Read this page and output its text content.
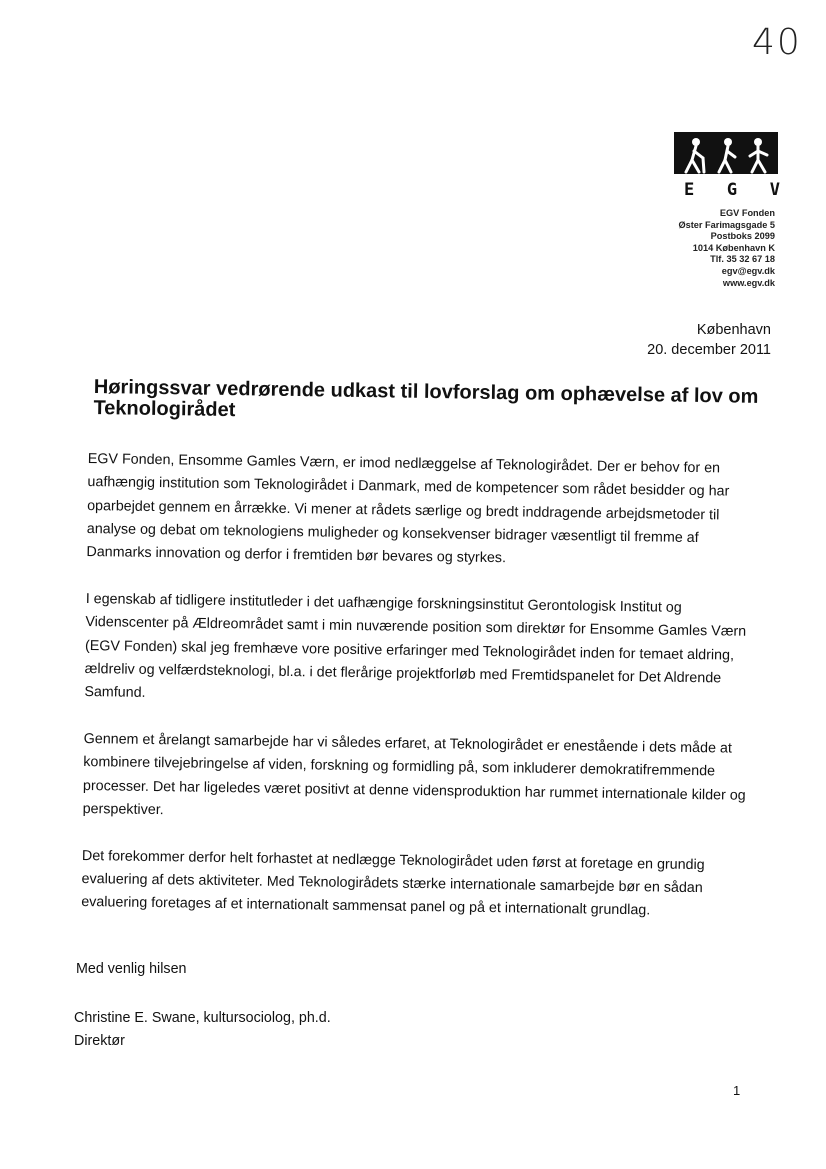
40
E G V
EGV Fonden
Øster Farimagsgade 5
Postboks 2099
1014 København K
Tlf. 35 32 67 18
egv@egv.dk
www.egv.dk
København
20. december 2011
Høringssvar vedrørende udkast til lovforslag om ophævelse af lov om Teknologirådet

EGV Fonden, Ensomme Gamles Værn, er imod nedlæggelse af Teknologirådet. Der er behov for en uafhængig institution som Teknologirådet i Danmark, med de kompetencer som rådet besidder og har oparbejdet gennem en årrække. Vi mener at rådets særlige og bredt inddragende arbejdsmetoder til analyse og debat om teknologiens muligheder og konsekvenser bidrager væsentligt til fremme af Danmarks innovation og derfor i fremtiden bør bevares og styrkes.

I egenskab af tidligere institutleder i det uafhængige forskningsinstitut Gerontologisk Institut og Videnscenter på Ældreområdet samt i min nuværende position som direktør for Ensomme Gamles Værn (EGV Fonden) skal jeg fremhæve vore positive erfaringer med Teknologirådet inden for temaet aldring, ældreliv og velfærdsteknologi, bl.a. i det flerårige projektforløb med Fremtidspanelet for Det Aldrende Samfund.

Gennem et årelangt samarbejde har vi således erfaret, at Teknologirådet er enestående i dets måde at kombinere tilvejebringelse af viden, forskning og formidling på, som inkluderer demokratifremmende processer. Det har ligeledes været positivt at denne vidensproduktion har rummet internationale kilder og perspektiver.

Det forekommer derfor helt forhastet at nedlægge Teknologirådet uden først at foretage en grundig evaluering af dets aktiviteter. Med Teknologirådets stærke internationale samarbejde bør en sådan evaluering foretages af et internationalt sammensat panel og på et internationalt grundlag.

Med venlig hilsen
Christine E. Swane, kultursociolog, ph.d.
Direktør
1
